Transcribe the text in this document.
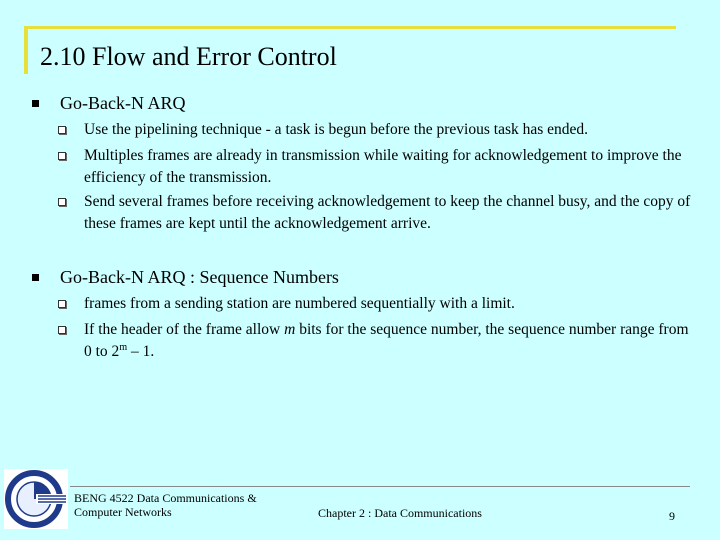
2.10 Flow and Error Control
Go-Back-N ARQ
Use the pipelining technique - a task is begun before the previous task has ended.
Multiples frames are already in transmission while waiting for acknowledgement to improve the efficiency of the transmission.
Send several frames before receiving acknowledgement to keep the channel busy, and the copy of these frames are kept until the acknowledgement arrive.
Go-Back-N ARQ : Sequence Numbers
frames from a sending station are numbered sequentially with a limit.
If the header of the frame allow m bits for the sequence number, the sequence number range from 0 to 2$^m$ – 1.
BENG 4522 Data Communications &
Computer Networks	Chapter 2 : Data Communications	9
